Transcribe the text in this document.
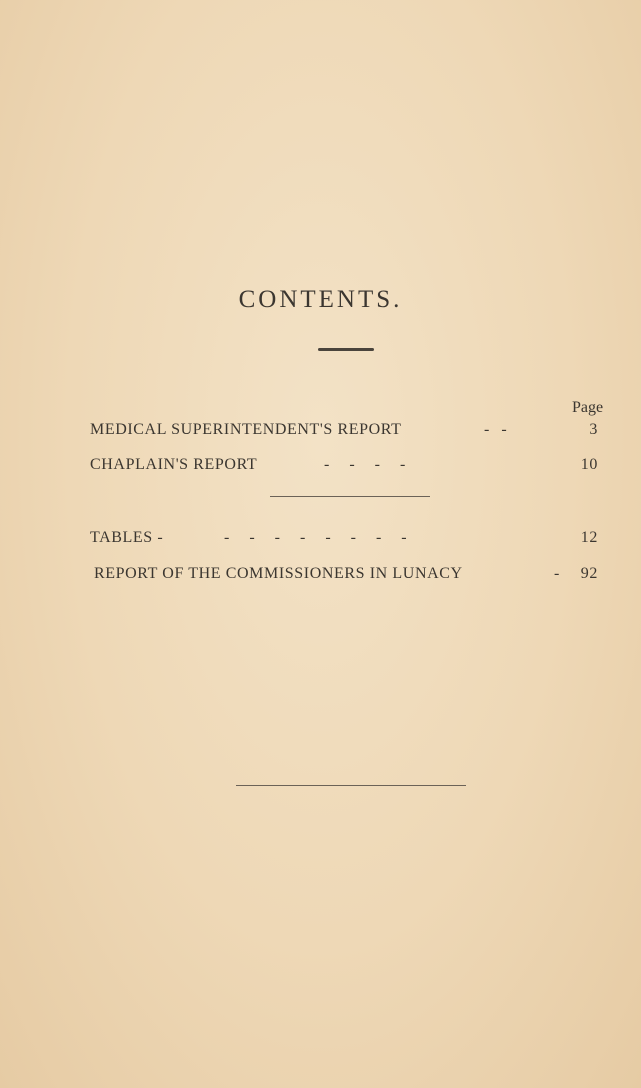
CONTENTS.
Page
MEDICAL SUPERINTENDENT'S REPORT	-   -	3
CHAPLAIN'S REPORT	-     -     -     -	10
TABLES -	-     -     -     -     -     -     -     -	12
REPORT OF THE COMMISSIONERS IN LUNACY	- 92
